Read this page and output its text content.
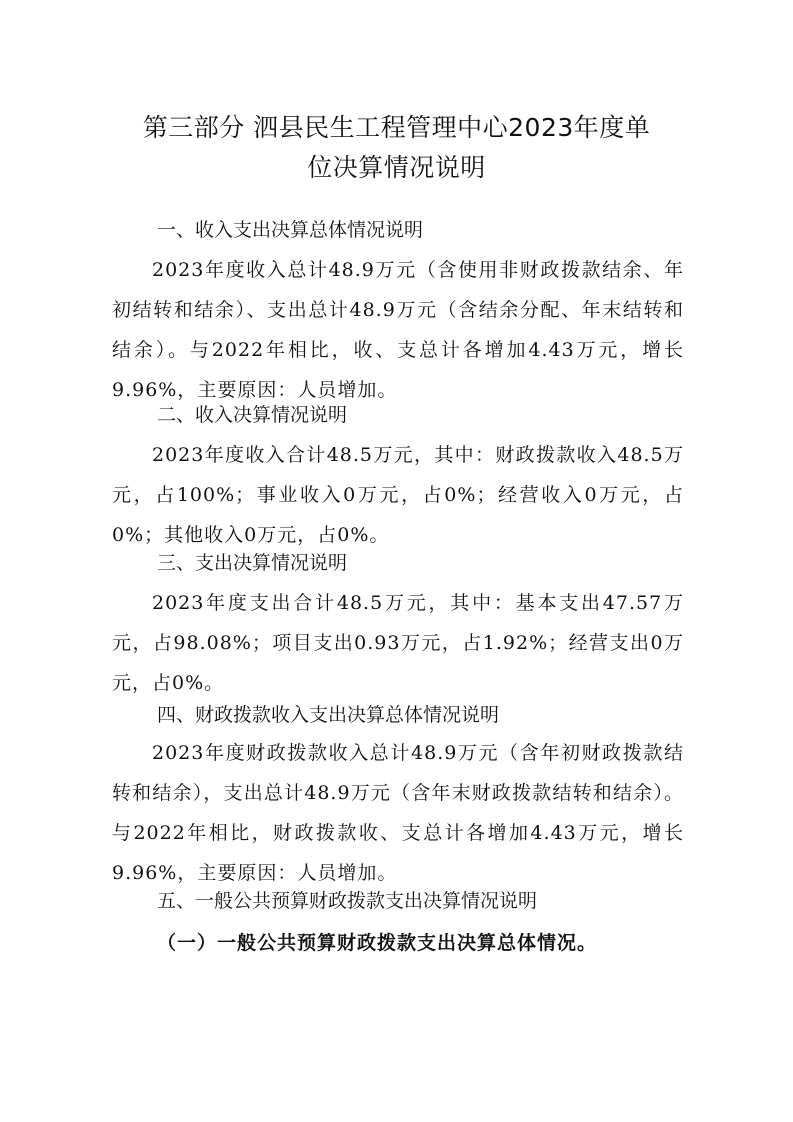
第三部分 泗县民生工程管理中心2023年度单
位决算情况说明
一、收入支出决算总体情况说明
2023年度收入总计48.9万元（含使用非财政拨款结余、年初结转和结余）、支出总计48.9万元（含结余分配、年末结转和结余）。与2022年相比，收、支总计各增加4.43万元，增长9.96%，主要原因：人员增加。
二、收入决算情况说明
2023年度收入合计48.5万元，其中：财政拨款收入48.5万元，占100%；事业收入0万元，占0%；经营收入0万元，占0%；其他收入0万元，占0%。
三、支出决算情况说明
2023年度支出合计48.5万元，其中：基本支出47.57万元，占98.08%；项目支出0.93万元，占1.92%；经营支出0万元，占0%。
四、财政拨款收入支出决算总体情况说明
2023年度财政拨款收入总计48.9万元（含年初财政拨款结转和结余），支出总计48.9万元（含年末财政拨款结转和结余）。与2022年相比，财政拨款收、支总计各增加4.43万元，增长9.96%，主要原因：人员增加。
五、一般公共预算财政拨款支出决算情况说明
（一）一般公共预算财政拨款支出决算总体情况。
